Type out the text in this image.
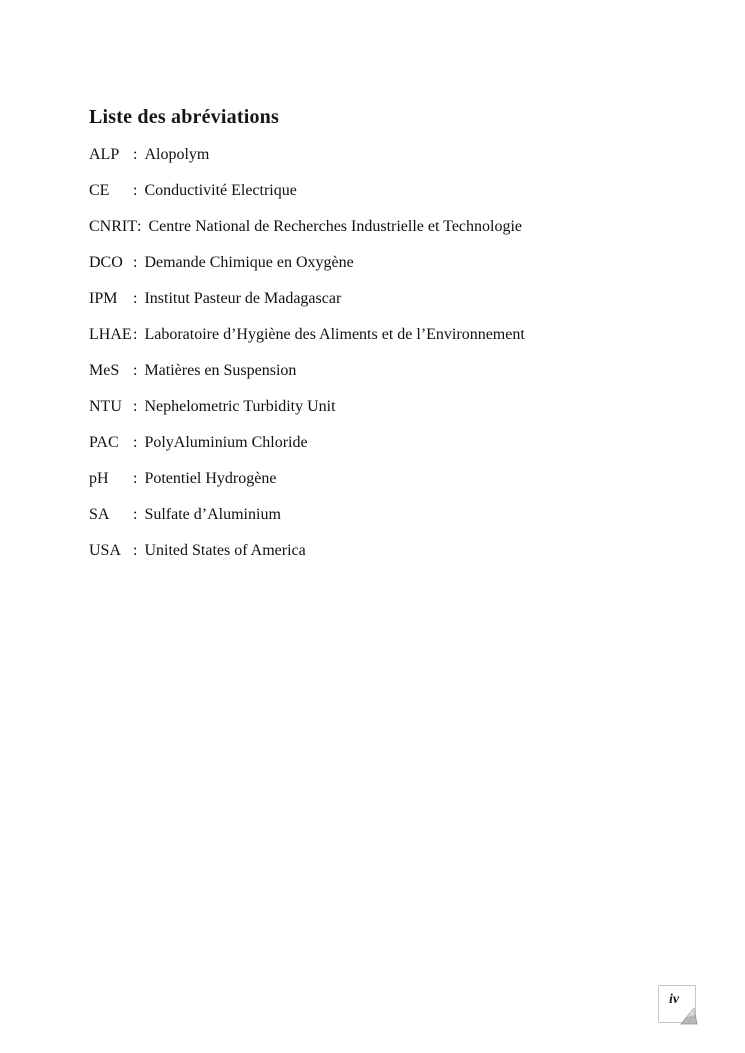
Liste des abréviations
ALP : Alopolym
CE : Conductivité Electrique
CNRIT: Centre National de Recherches Industrielle et Technologie
DCO : Demande Chimique en Oxygène
IPM : Institut Pasteur de Madagascar
LHAE: Laboratoire d’Hygiène des Aliments et de l’Environnement
MeS : Matières en Suspension
NTU : Nephelometric Turbidity Unit
PAC : PolyAluminium Chloride
pH : Potentiel Hydrogène
SA : Sulfate d’Aluminium
USA : United States of America
iv
